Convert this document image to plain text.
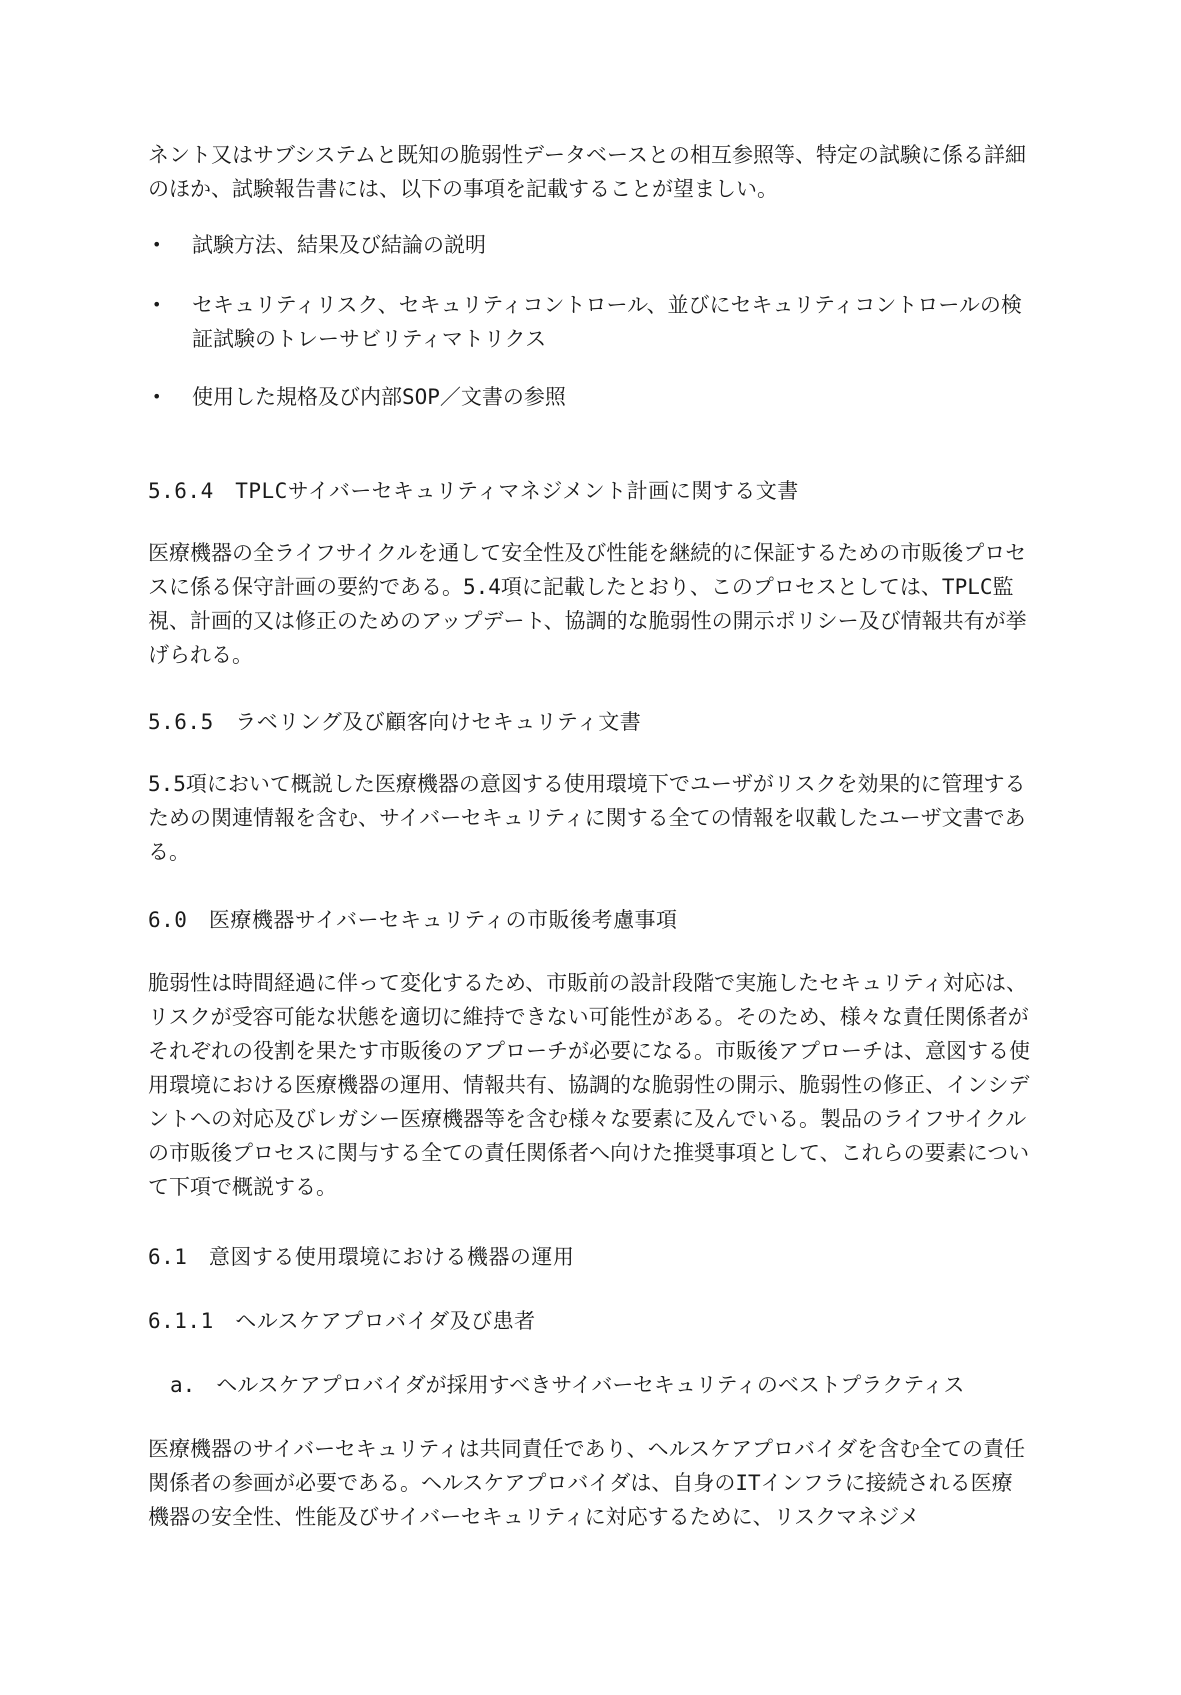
ネント又はサブシステムと既知の脆弱性データベースとの相互参照等、特定の試験に係る詳細のほか、試験報告書には、以下の事項を記載することが望ましい。

•	試験方法、結果及び結論の説明
•	セキュリティリスク、セキュリティコントロール、並びにセキュリティコントロールの検証試験のトレーサビリティマトリクス
•	使用した規格及び内部SOP／文書の参照

5.6.4　TPLCサイバーセキュリティマネジメント計画に関する文書

医療機器の全ライフサイクルを通して安全性及び性能を継続的に保証するための市販後プロセスに係る保守計画の要約である。5.4項に記載したとおり、このプロセスとしては、TPLC監視、計画的又は修正のためのアップデート、協調的な脆弱性の開示ポリシー及び情報共有が挙げられる。

5.6.5　ラベリング及び顧客向けセキュリティ文書

5.5項において概説した医療機器の意図する使用環境下でユーザがリスクを効果的に管理するための関連情報を含む、サイバーセキュリティに関する全ての情報を収載したユーザ文書である。

6.0　医療機器サイバーセキュリティの市販後考慮事項

脆弱性は時間経過に伴って変化するため、市販前の設計段階で実施したセキュリティ対応は、リスクが受容可能な状態を適切に維持できない可能性がある。そのため、様々な責任関係者がそれぞれの役割を果たす市販後のアプローチが必要になる。市販後アプローチは、意図する使用環境における医療機器の運用、情報共有、協調的な脆弱性の開示、脆弱性の修正、インシデントへの対応及びレガシー医療機器等を含む様々な要素に及んでいる。製品のライフサイクルの市販後プロセスに関与する全ての責任関係者へ向けた推奨事項として、これらの要素について下項で概説する。

6.1　意図する使用環境における機器の運用

6.1.1　ヘルスケアプロバイダ及び患者

a.　ヘルスケアプロバイダが採用すべきサイバーセキュリティのベストプラクティス

医療機器のサイバーセキュリティは共同責任であり、ヘルスケアプロバイダを含む全ての責任関係者の参画が必要である。ヘルスケアプロバイダは、自身のITインフラに接続される医療機器の安全性、性能及びサイバーセキュリティに対応するために、リスクマネジメ
